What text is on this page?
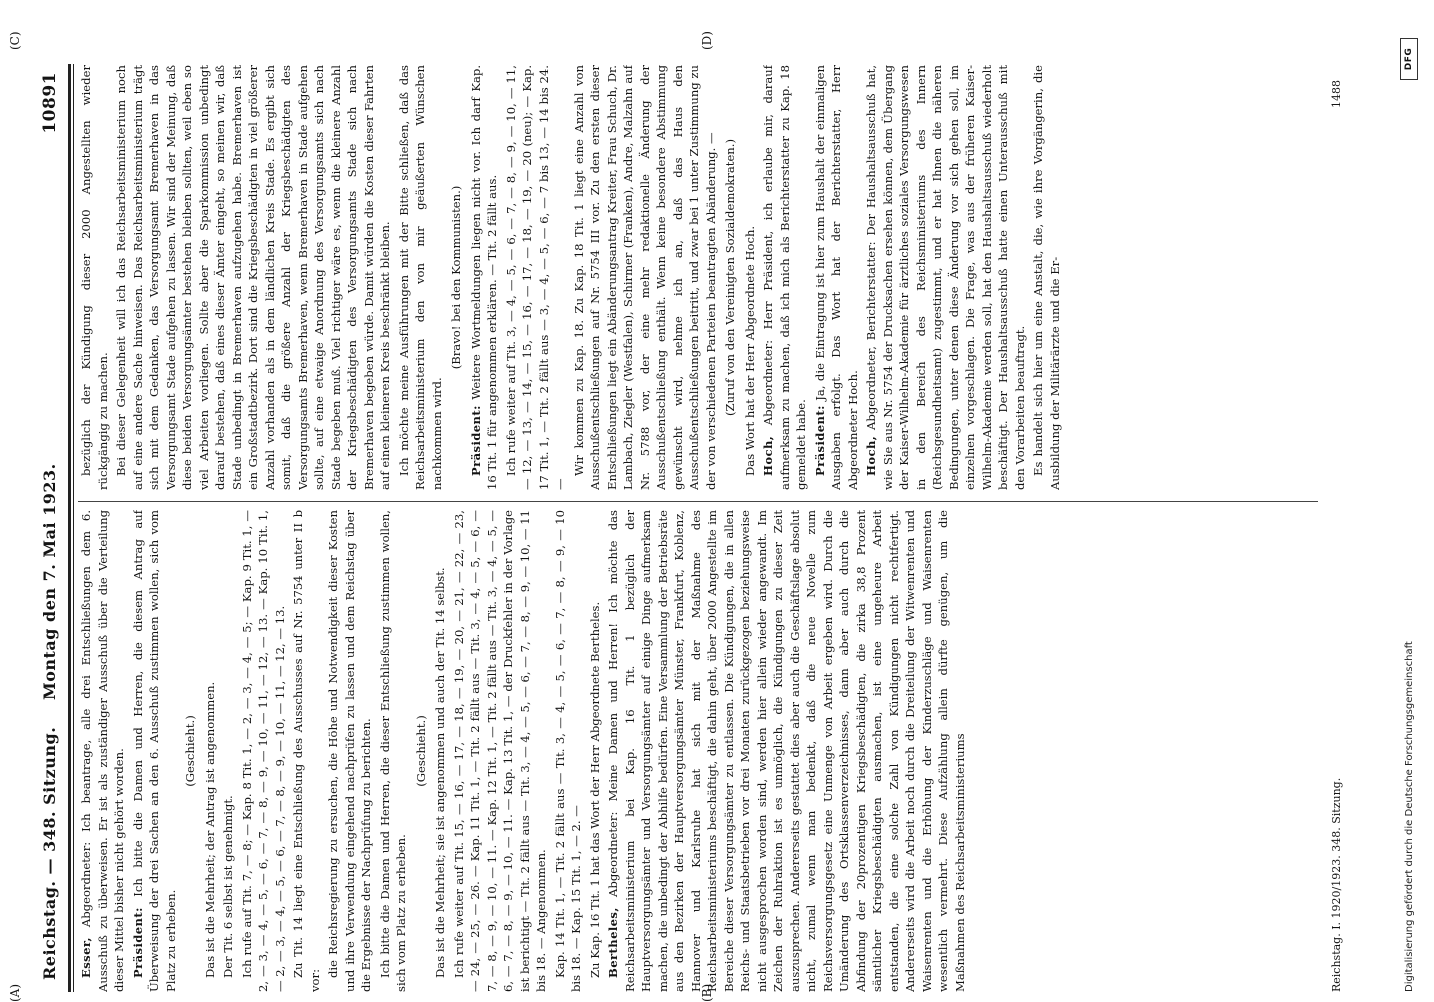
Reichstag. — 348. Sitzung.
Montag den 7. Mai 1923.
10891
(A)	(B)
(C)	(D)

Esser, Abgeordneter: Ich beantrage, alle drei Entschließungen dem 6. Ausschuß zu überweisen. Er ist als zuständiger Ausschuß über die Verteilung dieser Mittel bisher nicht gehört worden. Präsident: Ich bitte die Damen und Herren, die diesem Antrag auf Überweisung der drei Sachen an den 6. Ausschuß zustimmen wollen, sich vom Platz zu erheben.

(Geschieht.) Das ist die Mehrheit; der Antrag ist angenommen. Der Tit. 6 selbst ist genehmigt. Ich rufe auf Tit. 7, — 8; — Kap. 8 Tit. 1, — 2, — 3, — 4, — 5; — Kap. 9 Tit. 1, — 2, — 3, — 4, — 5, — 6, — 7, — 8, — 9, — 10, — 11, — 12, — 13. — Kap. 10 Tit. 1, — 2, — 3, — 4, — 5, — 6, — 7, — 8, — 9, — 10, — 11, — 12, — 13. Zu Tit. 14 liegt eine Entschließung des Ausschusses auf Nr. 5754 unter II b vor:

die Reichsregierung zu ersuchen, die Höhe und Notwendigkeit dieser Kosten und ihre Verwendung eingehend nachprüfen zu lassen und dem Reichstag über die Ergebnisse der Nachprüfung zu berichten. Ich bitte die Damen und Herren, die dieser Entschließung zustimmen wollen, sich vom Platz zu erheben.

(Geschieht.) Das ist die Mehrheit; sie ist angenommen und auch der Tit. 14 selbst. Ich rufe weiter auf Tit. 15, — 16, — 17, — 18, — 19, — 20, — 21, — 22, — 23, — 24, — 25, — 26. — Kap. 11 Tit. 1, — Tit. 2 fällt aus — Tit. 3, — 4, — 5, — 6, — 7, — 8, — 9, — 10, — 11. — Kap. 12 Tit. 1, — Tit. 2 fällt aus — Tit. 3, — 4, — 5, — 6, — 7, — 8, — 9, — 10, — 11. — Kap. 13 Tit. 1, — der Druckfehler in der Vorlage ist berichtigt — Tit. 2 fällt aus — Tit. 3, — 4, — 5, — 6, — 7, — 8, — 9, — 10, — 11 bis 18. — Angenommen. Kap. 14 Tit. 1, — Tit. 2 fällt aus — Tit. 3, — 4, — 5, — 6, — 7, — 8, — 9, — 10 bis 18. — Kap. 15 Tit. 1, — 2. — Zu Kap. 16 Tit. 1 hat das Wort der Herr Abgeordnete Bertheles. Bertheles, Abgeordneter: Meine Damen und Herren! Ich möchte das Reichsarbeitsministerium bei Kap. 16 Tit. 1 bezüglich der Hauptversorgungsämter und Versorgungsämter auf einige Dinge aufmerksam machen, die unbedingt der Abhilfe bedürfen. Eine Versammlung der Betriebsräte aus den Bezirken der Hauptversorgungsämter Münster, Frankfurt, Koblenz, Hannover und Karlsruhe hat sich mit der Maßnahme des Reichsarbeitsministeriums beschäftigt, die dahin geht, über 2000 Angestellte im Bereiche dieser Versorgungsämter zu entlassen. Die Kündigungen, die in allen Reichs- und Staatsbetrieben vor drei Monaten zurückgezogen beziehungsweise nicht ausgesprochen worden sind, werden hier allein wieder angewandt. Im Zeichen der Ruhraktion ist es unmöglich, die Kündigungen zu dieser Zeit auszusprechen. Andererseits gestattet dies aber auch die Geschäftslage absolut nicht, zumal wenn man bedenkt, daß die neue Novelle zum Reichsversorgungsgesetz eine Unmenge von Arbeit ergeben wird. Durch die Umänderung des Ortsklassenverzeichnisses, dann aber auch durch die Abfindung der 20prozentigen Kriegsbeschädigten, die zirka 38,8 Prozent sämtlicher Kriegsbeschädigten ausmachen, ist eine ungeheure Arbeit entstanden, die eine solche Zahl von Kündigungen nicht rechtfertigt. Andererseits wird die Arbeit noch durch die Dreiteilung der Witwenrenten und Waisenrenten und die Erhöhung der Kinderzuschläge und Waisenrenten wesentlich vermehrt. Diese Aufzählung allein dürfte genügen, um die Maßnahmen des Reichsarbeitsministeriums

bezüglich der Kündigung dieser 2000 Angestellten wieder rückgängig zu machen. Bei dieser Gelegenheit will ich das Reichsarbeitsministerium noch auf eine andere Sache hinweisen. Das Reichsarbeitsministerium trägt sich mit dem Gedanken, das Versorgungsamt Bremerhaven in das Versorgungsamt Stade aufgehen zu lassen. Wir sind der Meinung, daß diese beiden Versorgungsämter bestehen bleiben sollten, weil eben so viel Arbeiten vorliegen. Sollte aber die Sparkommission unbedingt darauf bestehen, daß eines dieser Ämter eingeht, so meinen wir, daß Stade unbedingt in Bremerhaven aufzugehen habe. Bremerhaven ist ein Großstadtbezirk. Dort sind die Kriegsbeschädigten in viel größerer Anzahl vorhanden als in dem ländlichen Kreis Stade. Es ergibt sich somit, daß die größere Anzahl der Kriegsbeschädigten des Versorgungsamts Bremerhaven, wenn Bremerhaven in Stade aufgehen sollte, auf eine etwaige Anordnung des Versorgungsamts sich nach Stade begeben muß. Viel richtiger wäre es, wenn die kleinere Anzahl der Kriegsbeschädigten des Versorgungsamts Stade sich nach Bremerhaven begeben würde. Damit würden die Kosten dieser Fahrten auf einen kleineren Kreis beschränkt bleiben. Ich möchte meine Ausführungen mit der Bitte schließen, daß das Reichsarbeitsministerium den von mir geäußerten Wünschen nachkommen wird.

(Bravo! bei den Kommunisten.)

Präsident: Weitere Wortmeldungen liegen nicht vor. Ich darf Kap. 16 Tit. 1 für angenommen erklären. — Tit. 2 fällt aus. Ich rufe weiter auf Tit. 3, — 4, — 5, — 6, — 7, — 8, — 9, — 10, — 11, — 12, — 13, — 14, — 15, — 16, — 17, — 18, — 19, — 20 (neu); — Kap. 17 Tit. 1, — Tit. 2 fällt aus — 3, — 4, — 5, — 6, — 7 bis 13, — 14 bis 24. —

Wir kommen zu Kap. 18. Zu Kap. 18 Tit. 1 liegt eine Anzahl von Ausschußentschließungen auf Nr. 5754 III vor. Zu den ersten dieser Entschließungen liegt ein Abänderungsantrag Kreiter, Frau Schuch, Dr. Lambach, Ziegler (Westfalen), Schirmer (Franken), Andre, Malzahn auf Nr. 5788 vor, der eine mehr redaktionelle Änderung der Ausschußentschließung enthält. Wenn keine besondere Abstimmung gewünscht wird, nehme ich an, daß das Haus den Ausschußentschließungen beitritt, und zwar bei 1 unter Zustimmung zu der von verschiedenen Parteien beantragten Abänderung. — (Zuruf von den Vereinigten Sozialdemokraten.) Das Wort hat der Herr Abgeordnete Hoch. Hoch, Abgeordneter: Herr Präsident, ich erlaube mir, darauf aufmerksam zu machen, daß ich mich als Berichterstatter zu Kap. 18 gemeldet habe. Präsident: Ja, die Eintragung ist hier zum Haushalt der einmaligen Ausgaben erfolgt. Das Wort hat der Berichterstatter, Herr Abgeordneter Hoch. Hoch, Abgeordneter, Berichterstatter: Der Haushaltsausschuß hat, wie Sie aus Nr. 5754 der Drucksachen ersehen können, dem Übergang der Kaiser-Wilhelm-Akademie für ärztliches soziales Versorgungswesen in den Bereich des Reichsministeriums des Innern (Reichsgesundheitsamt) zugestimmt, und er hat Ihnen die näheren Bedingungen, unter denen diese Änderung vor sich gehen soll, im einzelnen vorgeschlagen. Die Frage, was aus der früheren Kaiser-Wilhelm-Akademie werden soll, hat den Haushaltsausschuß wiederholt beschäftigt. Der Haushaltsausschuß hatte einen Unterausschuß mit den Vorarbeiten beauftragt. Es handelt sich hier um eine Anstalt, die, wie ihre Vorgängerin, die Ausbildung der Militärärzte und die Er-

Reichstag. I. 1920/1923. 348. Sitzung.
1488
Digitalisierung gefördert durch die Deutsche Forschungsgemeinschaft
DFG
